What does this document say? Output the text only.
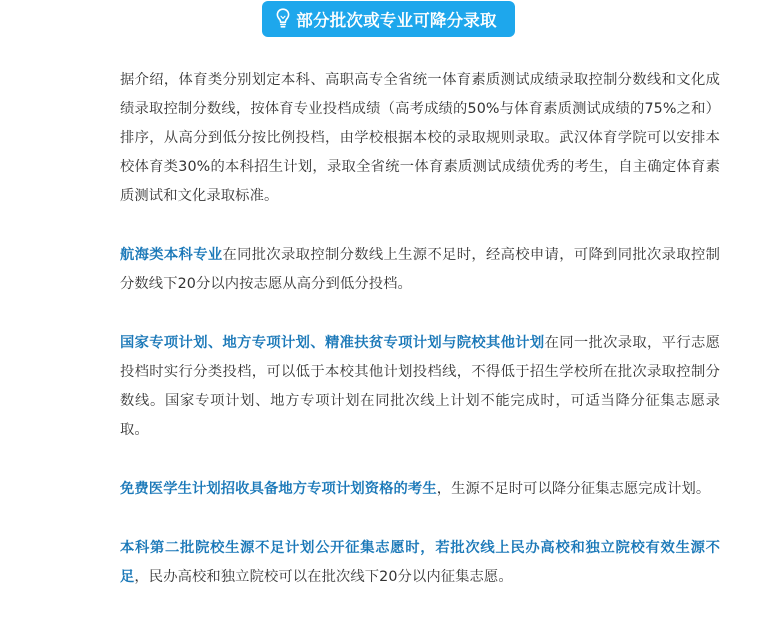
部分批次或专业可降分录取

据介绍，体育类分别划定本科、高职高专全省统一体育素质测试成绩录取控制分数线和文化成绩录取控制分数线，按体育专业投档成绩（高考成绩的50%与体育素质测试成绩的75%之和）排序，从高分到低分按比例投档，由学校根据本校的录取规则录取。武汉体育学院可以安排本校体育类30%的本科招生计划，录取全省统一体育素质测试成绩优秀的考生，自主确定体育素质测试和文化录取标准。

航海类本科专业在同批次录取控制分数线上生源不足时，经高校申请，可降到同批次录取控制分数线下20分以内按志愿从高分到低分投档。

国家专项计划、地方专项计划、精准扶贫专项计划与院校其他计划在同一批次录取，平行志愿投档时实行分类投档，可以低于本校其他计划投档线，不得低于招生学校所在批次录取控制分数线。国家专项计划、地方专项计划在同批次线上计划不能完成时，可适当降分征集志愿录取。

免费医学生计划招收具备地方专项计划资格的考生，生源不足时可以降分征集志愿完成计划。

本科第二批院校生源不足计划公开征集志愿时，若批次线上民办高校和独立院校有效生源不足，民办高校和独立院校可以在批次线下20分以内征集志愿。
